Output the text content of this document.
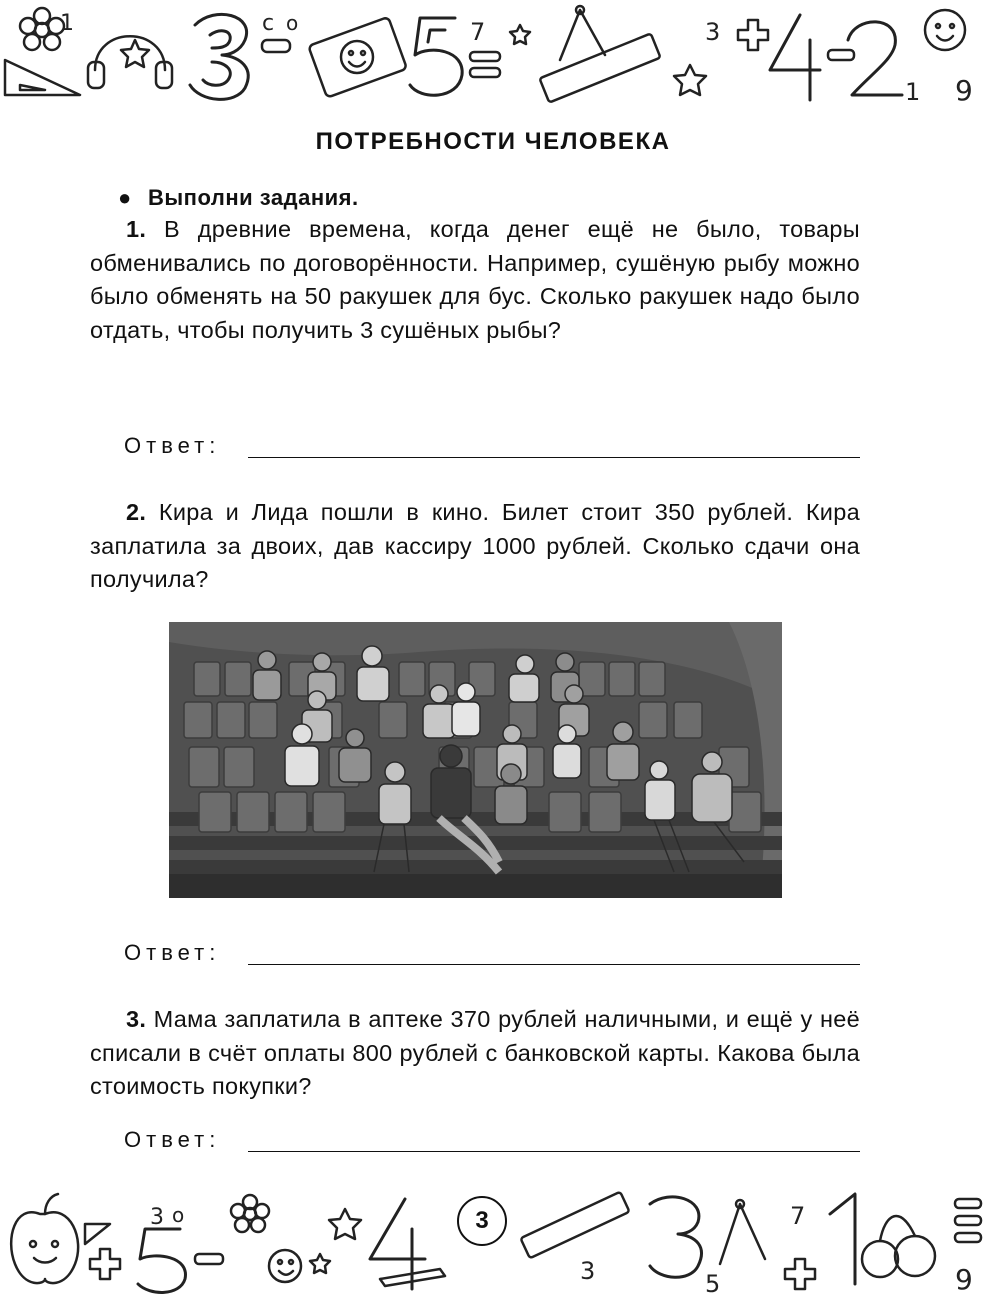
c o
1	7	3
1 9
ПОТРЕБНОСТИ ЧЕЛОВЕКА
● Выполни задания.

1. В древние времена, когда денег ещё не было, товары обменивались по договорённости. Например, сушёную рыбу можно было обменять на 50 ракушек для бус. Сколько ракушек надо было отдать, чтобы получить 3 сушёных рыбы?

Ответ:

2. Кира и Лида пошли в кино. Билет стоит 350 рублей. Кира заплатила за двоих, дав кассиру 1000 рублей. Сколько сдачи она получила?

Ответ:

3. Мама заплатила в аптеке 370 рублей наличными, и ещё у неё списали в счёт оплаты 800 рублей с банковской карты. Какова была стоимость покупки?

Ответ:
3 o
3
7
5	9
3
